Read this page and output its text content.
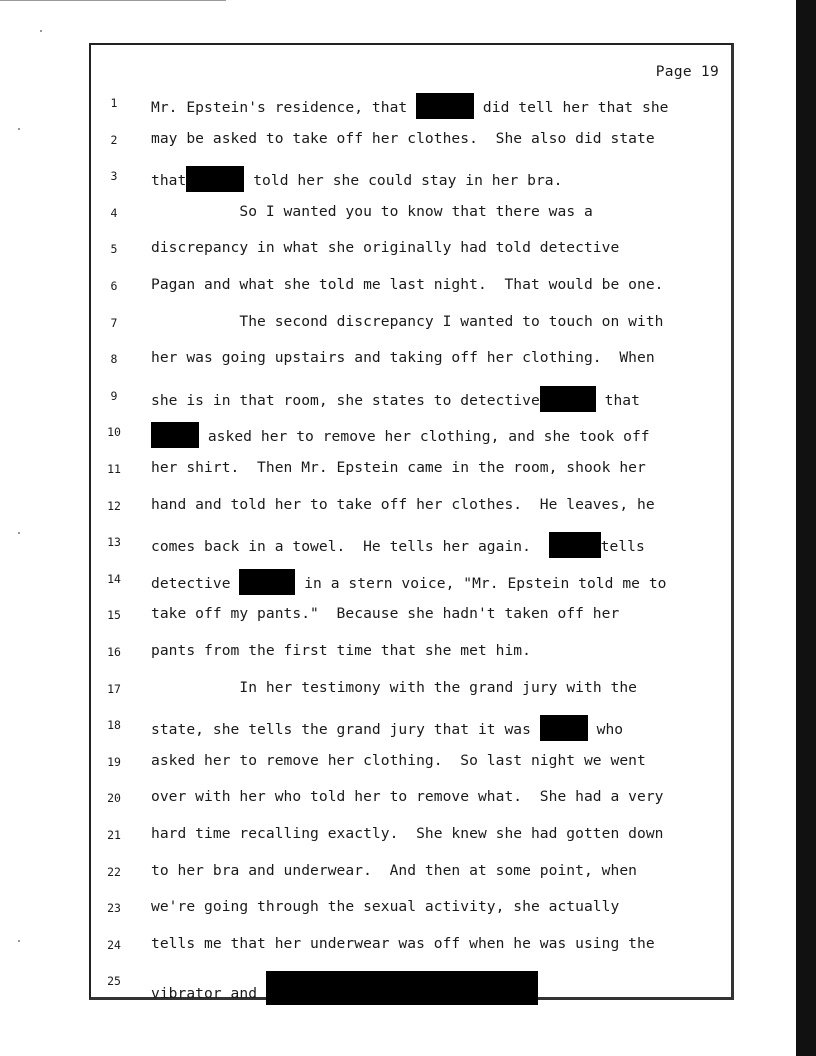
Page 19
1	Mr. Epstein's residence, that	did tell her that she
2	may be asked to take off her clothes.  She also did state
3	that	told her she could stay in her bra.
4	So I wanted you to know that there was a
5	discrepancy in what she originally had told detective
6	Pagan and what she told me last night.  That would be one.
7	The second discrepancy I wanted to touch on with
8	her was going upstairs and taking off her clothing.  When
9	she is in that room, she states to detective	that
10	asked her to remove her clothing, and she took off
11 her shirt.  Then Mr. Epstein came in the room, shook her
12 hand and told her to take off her clothes.  He leaves, he
13 comes back in a towel.  He tells her again.	tells
14 detective	in a stern voice, "Mr. Epstein told me to
15 take off my pants."  Because she hadn't taken off her
16 pants from the first time that she met him.
17	In her testimony with the grand jury with the
18 state, she tells the grand jury that it was	who
19 asked her to remove her clothing.  So last night we went
20 over with her who told her to remove what.  She had a very
21 hard time recalling exactly.  She knew she had gotten down
22 to her bra and underwear.  And then at some point, when
23 we're going through the sexual activity, she actually
24 tells me that her underwear was off when he was using the
25
vibrator and
